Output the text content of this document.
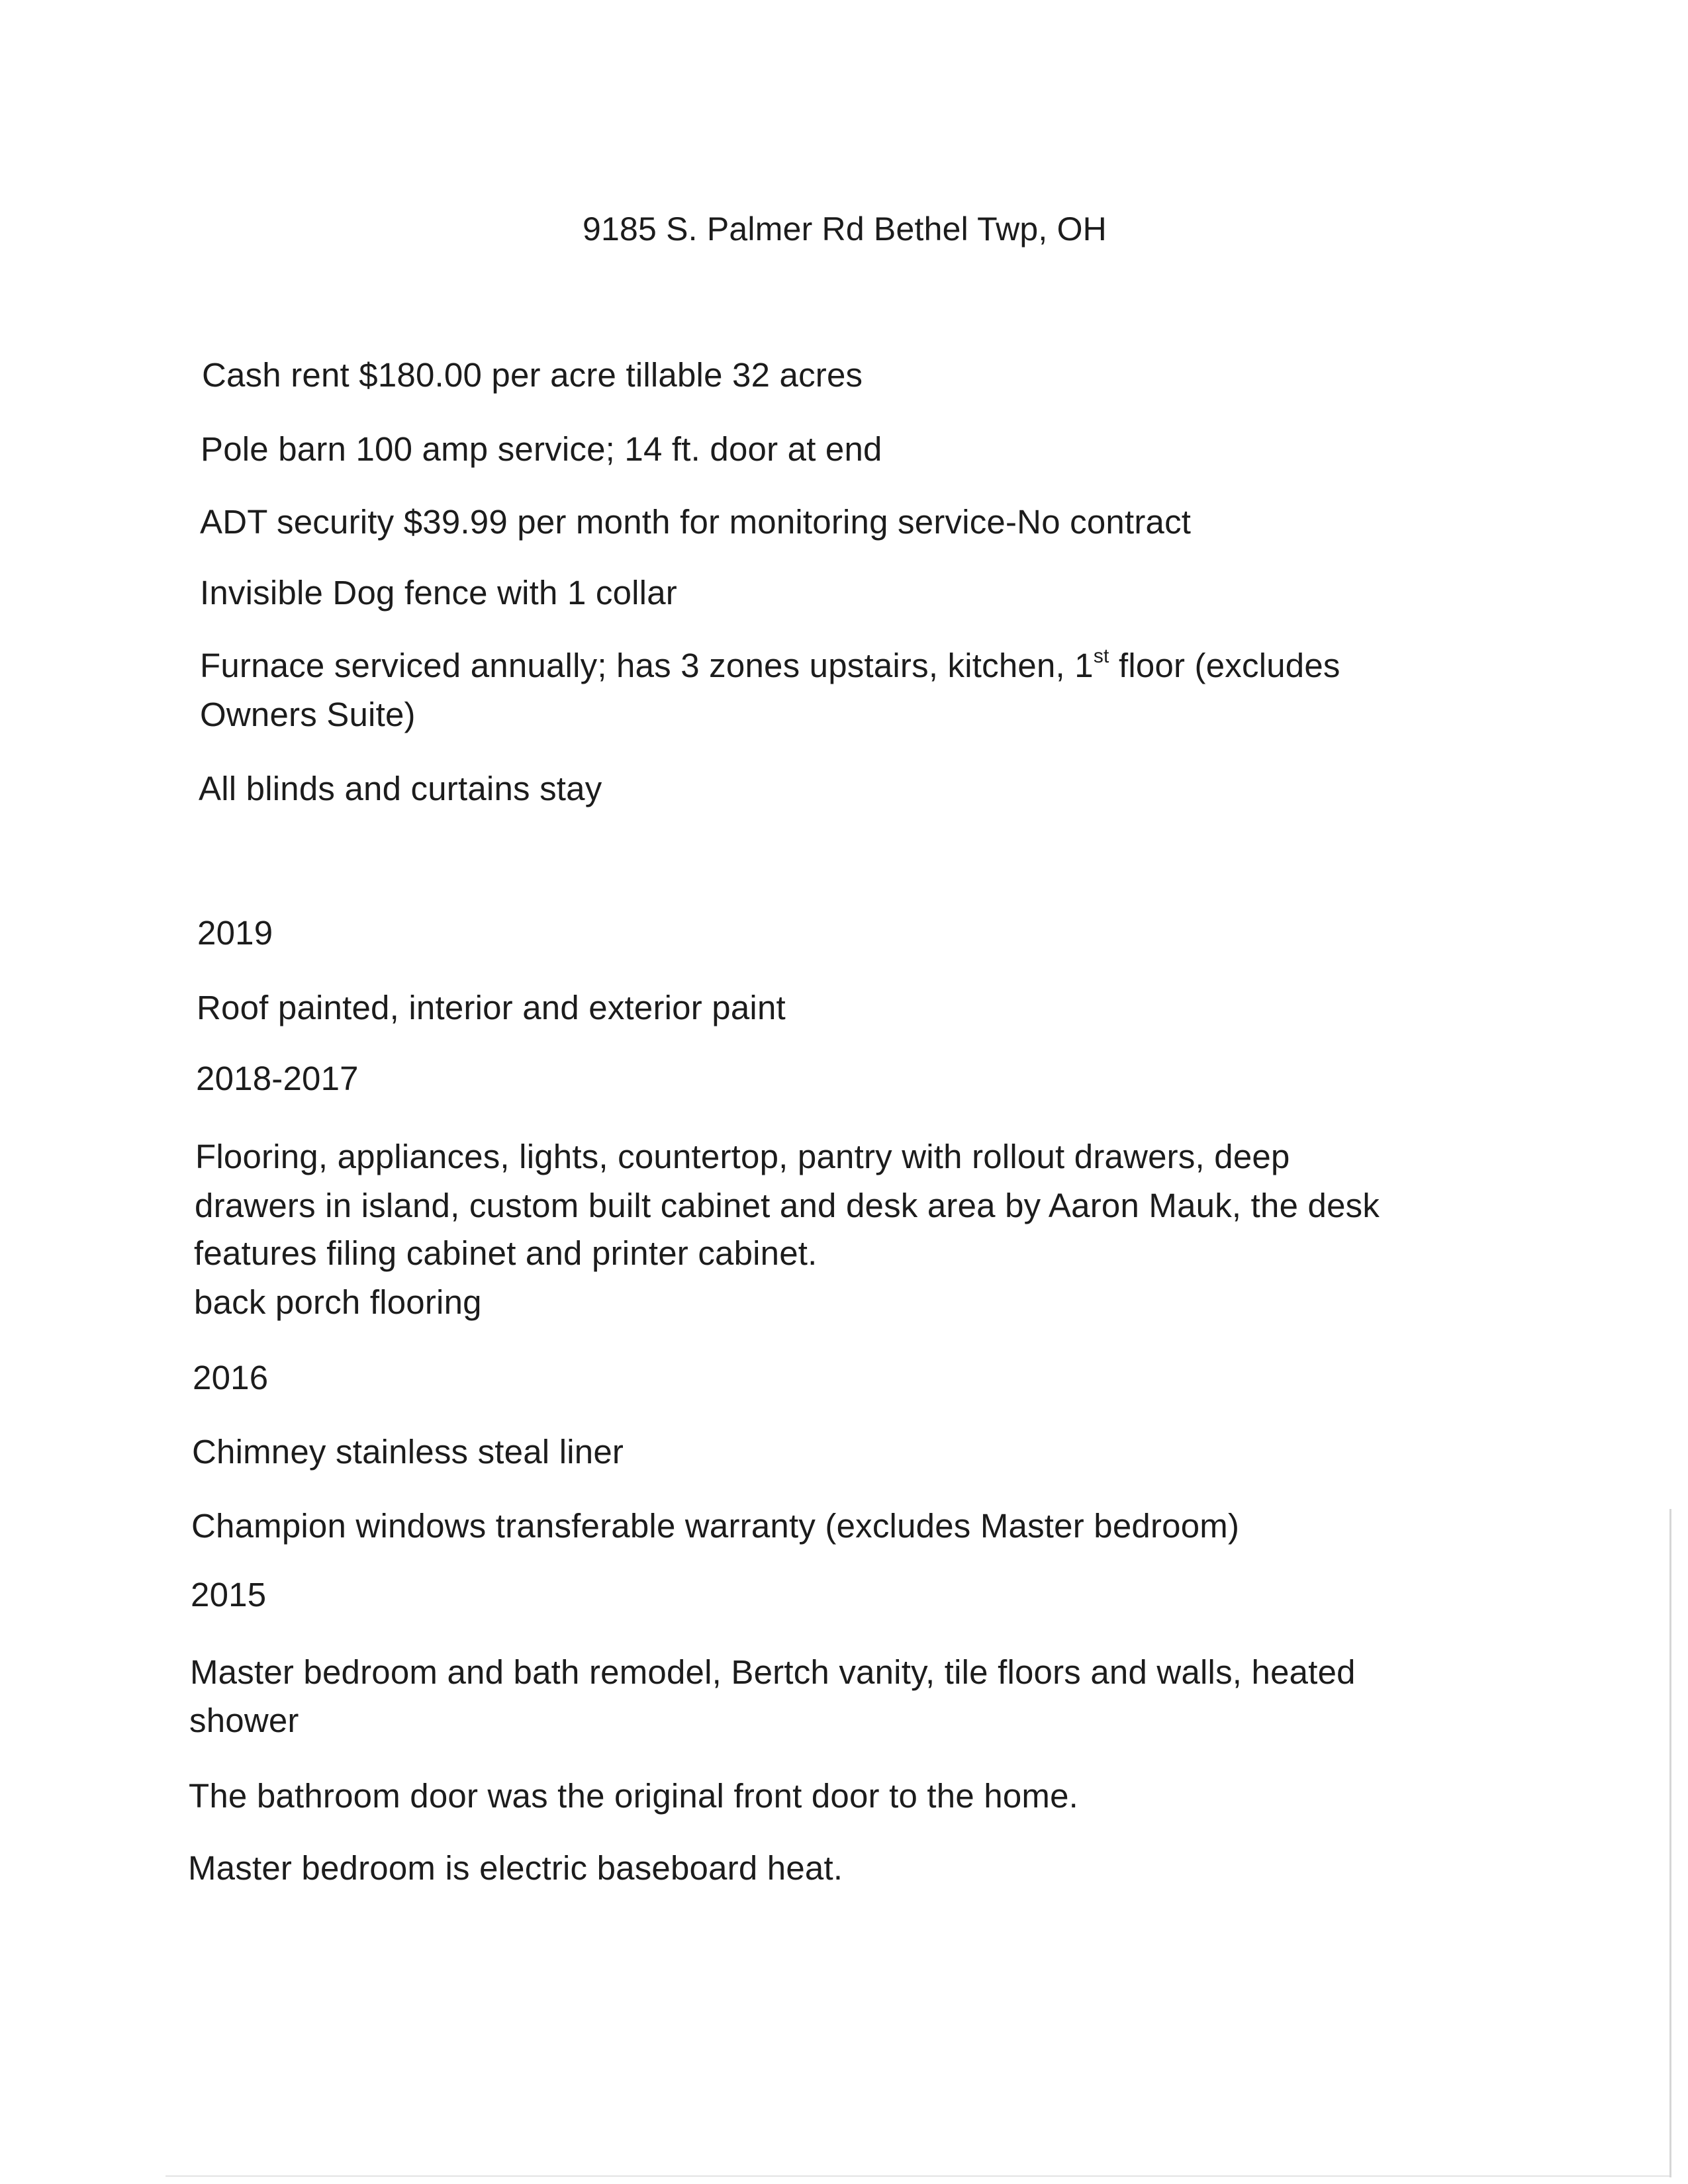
9185 S. Palmer Rd Bethel Twp, OH
Cash rent $180.00 per acre tillable 32 acres
Pole barn 100 amp service; 14 ft. door at end
ADT security $39.99 per month for monitoring service-No contract
Invisible Dog fence with 1 collar
Furnace serviced annually; has 3 zones upstairs, kitchen, 1st floor (excludes
Owners Suite)
All blinds and curtains stay
2019
Roof painted, interior and exterior paint
2018-2017
Flooring, appliances, lights, countertop, pantry with rollout drawers, deep
drawers in island, custom built cabinet and desk area by Aaron Mauk, the desk
features filing cabinet and printer cabinet.
back porch flooring
2016
Chimney stainless steal liner
Champion windows transferable warranty (excludes Master bedroom)
2015
Master bedroom and bath remodel, Bertch vanity, tile floors and walls, heated
shower
The bathroom door was the original front door to the home.
Master bedroom is electric baseboard heat.
